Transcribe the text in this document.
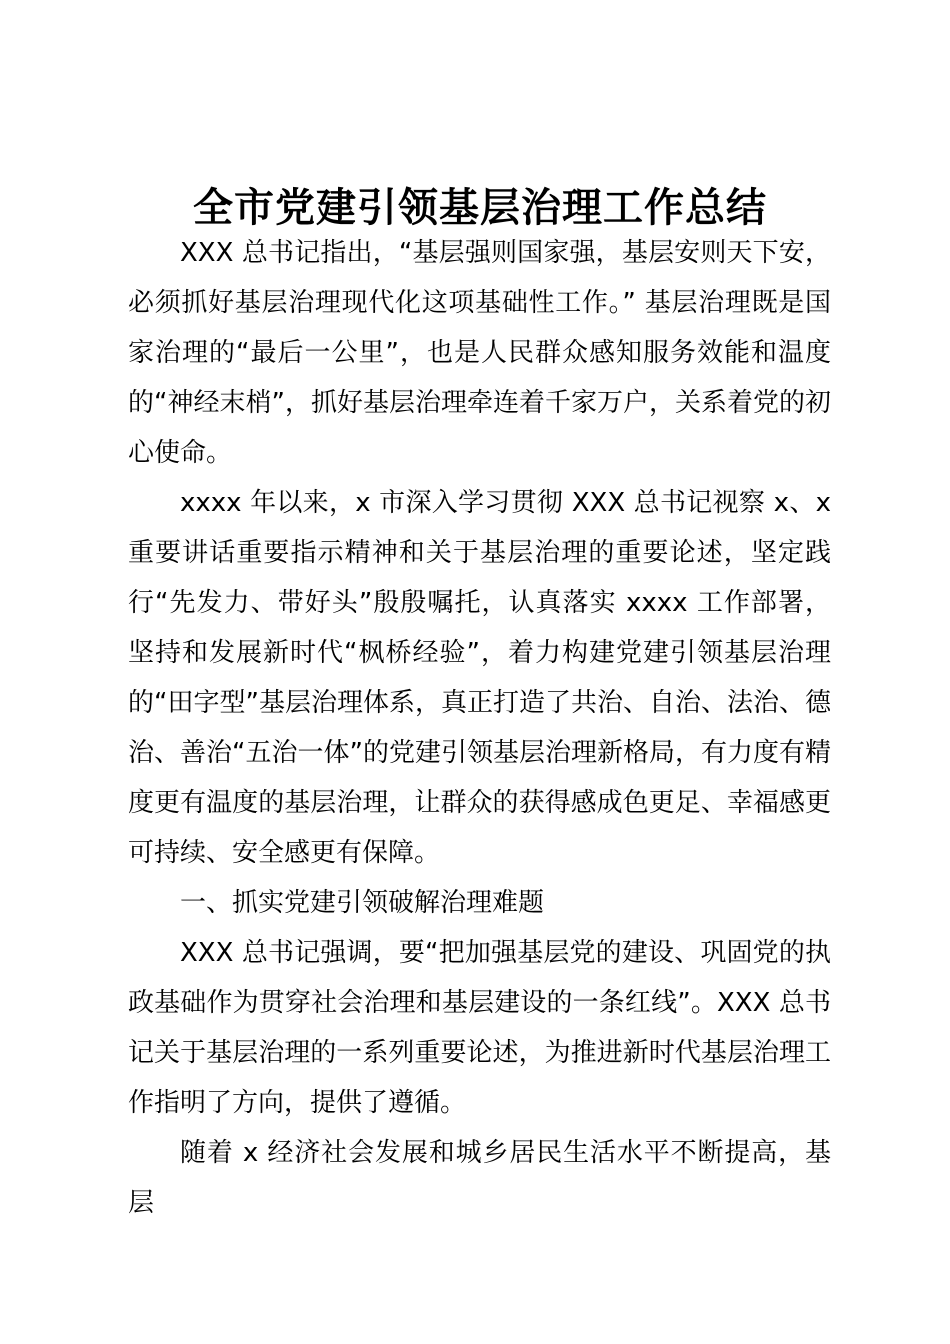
全市党建引领基层治理工作总结

XXX 总书记指出，“基层强则国家强，基层安则天下安，必须抓好基层治理现代化这项基础性工作。” 基层治理既是国家治理的“最后一公里”，也是人民群众感知服务效能和温度的“神经末梢”，抓好基层治理牵连着千家万户，关系着党的初心使命。

xxxx 年以来，x 市深入学习贯彻 XXX 总书记视察 x、x 重要讲话重要指示精神和关于基层治理的重要论述，坚定践行“先发力、带好头”殷殷嘱托，认真落实 xxxx 工作部署，坚持和发展新时代“枫桥经验”，着力构建党建引领基层治理的“田字型”基层治理体系，真正打造了共治、自治、法治、德治、善治“五治一体”的党建引领基层治理新格局，有力度有精度更有温度的基层治理，让群众的获得感成色更足、幸福感更可持续、安全感更有保障。

一、抓实党建引领破解治理难题

XXX 总书记强调，要“把加强基层党的建设、巩固党的执政基础作为贯穿社会治理和基层建设的一条红线”。XXX 总书记关于基层治理的一系列重要论述，为推进新时代基层治理工作指明了方向，提供了遵循。

随着 x 经济社会发展和城乡居民生活水平不断提高，基层
